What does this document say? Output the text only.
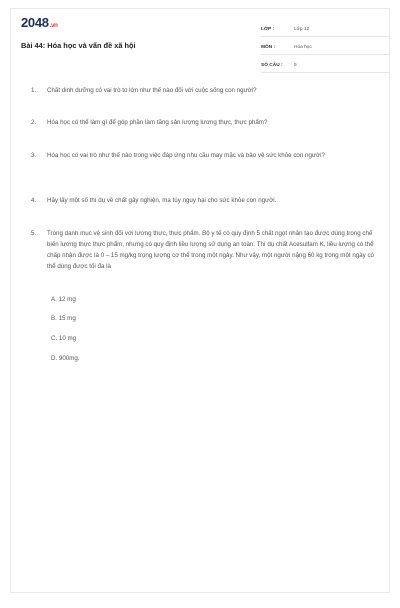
2048.vn
Bài 44: Hóa học và vấn đề xã hội
LỚP :	Lớp 12
MÔN :	Hóa học
SỐ CÂU :	5
1.	Chất dinh dưỡng có vai trò to lớn như thế nào đối với cuộc sống con người?
2.	Hóa học có thể làm gì để góp phần làm tăng sản lượng lương thực, thực phẩm?
3.	Hóa học có vai trò như thế nào trong việc đáp ứng nhu cầu may mặc và bảo vệ sức khỏe con người?
4.	Hãy lấy một số thí dụ về chất gây nghiện, ma túy nguy hại cho sức khỏe con người.
5.	Trong danh mục vệ sinh đối với lương thực, thực phẩm. Bộ y tế có quy định 5 chất ngọt nhân tạo được dùng trong chế biến lương thực thực phẩm, nhưng có quy định liều lượng sử dụng an toàn. Thí dụ chất Acesulfam K, liều lượng có thể chấp nhận được là 0 – 15 mg/kg trọng lượng cơ thể trong một ngày. Như vậy, một người nặng 60 kg trong một ngày có thể dùng được tối đa là
A. 12 mg
B. 15 mg
C. 10 mg
D. 900mg.
